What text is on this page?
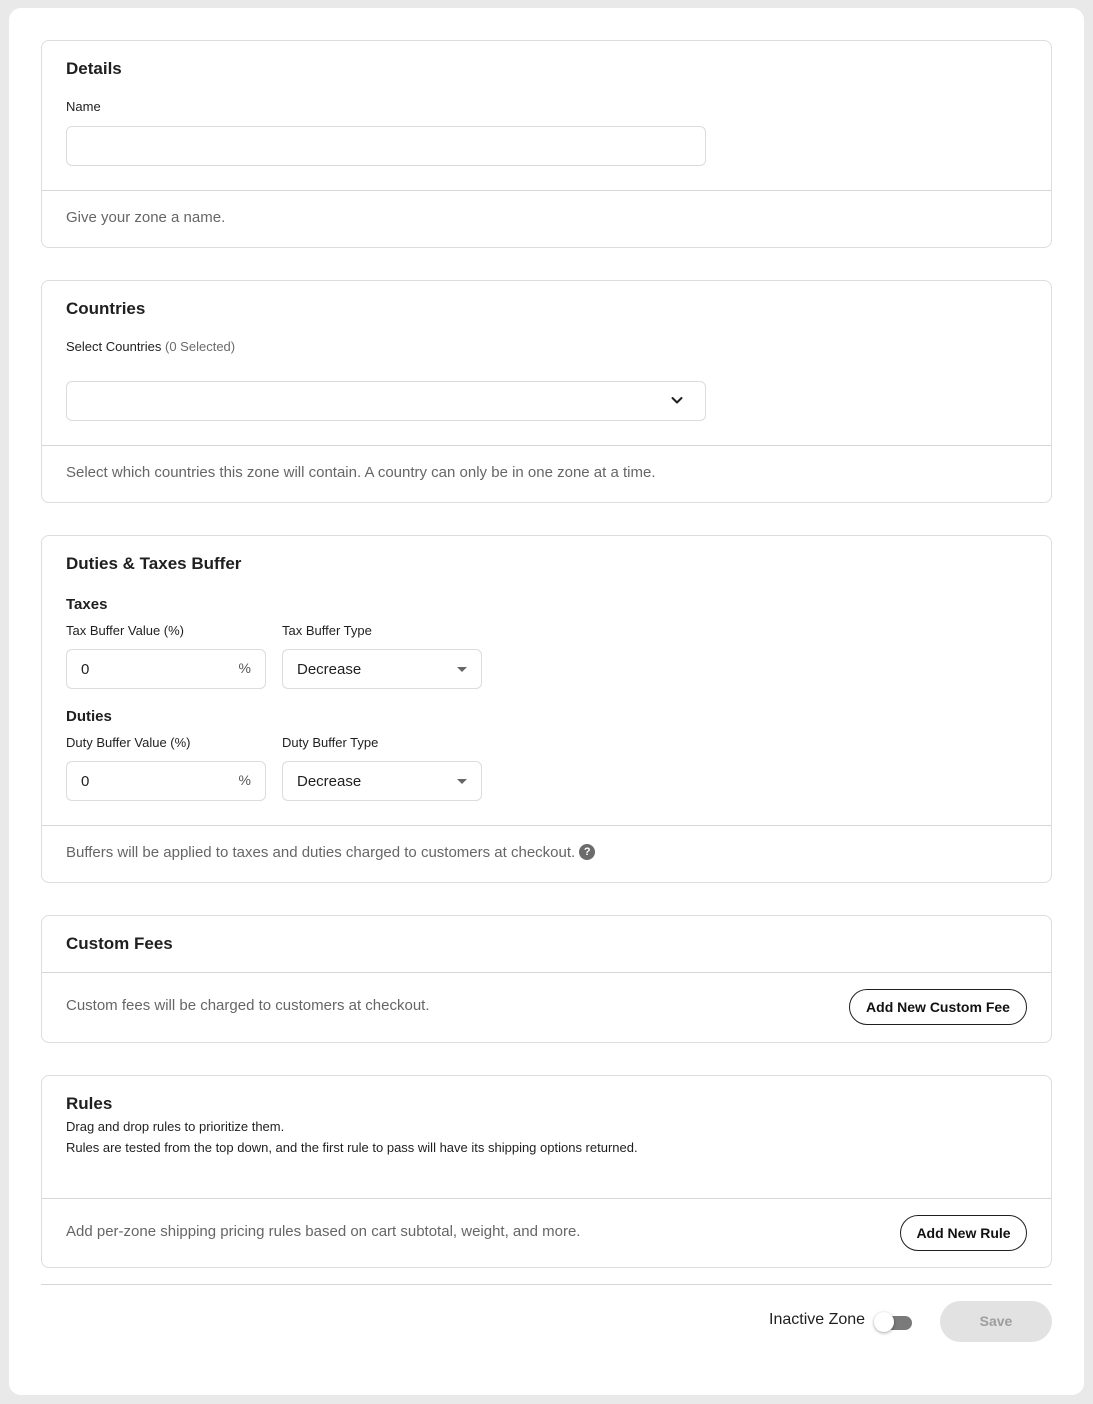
Details
Name
Give your zone a name.
Countries
Select Countries (0 Selected)
Select which countries this zone will contain. A country can only be in one zone at a time.
Duties & Taxes Buffer
Taxes
Tax Buffer Value (%)	Tax Buffer Type
0	%	Decrease
Duties
Duty Buffer Value (%)	Duty Buffer Type
0	%	Decrease
Buffers will be applied to taxes and duties charged to customers at checkout. ?
Custom Fees
Custom fees will be charged to customers at checkout.	Add New Custom Fee
Rules
Drag and drop rules to prioritize them.
Rules are tested from the top down, and the first rule to pass will have its shipping options returned.
Add per-zone shipping pricing rules based on cart subtotal, weight, and more.	Add New Rule
Inactive Zone	Save
